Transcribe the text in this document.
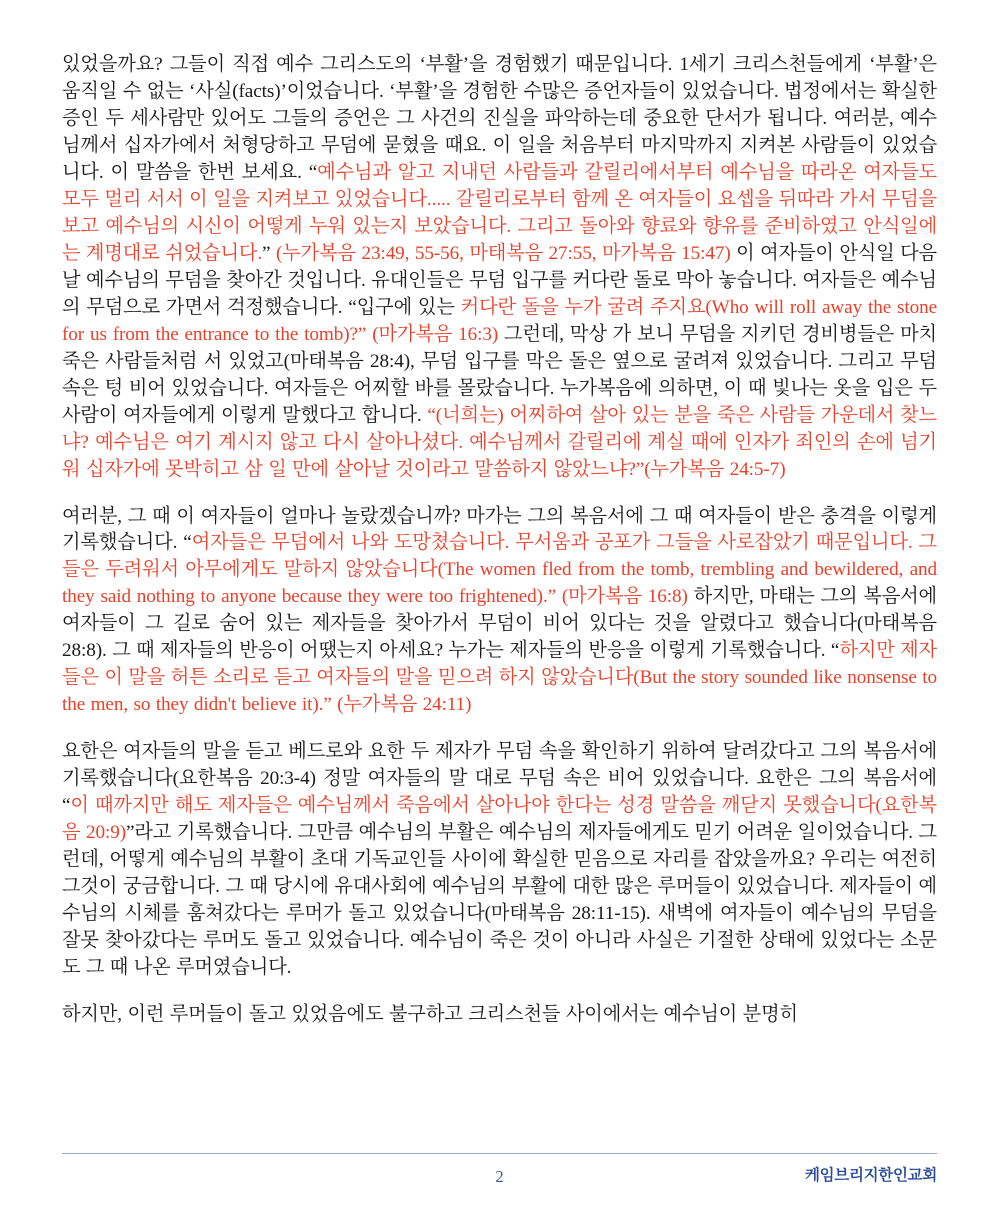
있었을까요? 그들이 직접 예수 그리스도의 ‘부활’을 경험했기 때문입니다. 1세기 크리스천들에게 ‘부활’은 움직일 수 없는 ‘사실(facts)’이었습니다. ‘부활’을 경험한 수많은 증언자들이 있었습니다. 법정에서는 확실한 증인 두 세사람만 있어도 그들의 증언은 그 사건의 진실을 파악하는데 중요한 단서가 됩니다. 여러분, 예수님께서 십자가에서 처형당하고 무덤에 묻혔을 때요. 이 일을 처음부터 마지막까지 지켜본 사람들이 있었습니다. 이 말씀을 한번 보세요. “예수님과 알고 지내던 사람들과 갈릴리에서부터 예수님을 따라온 여자들도 모두 멀리 서서 이 일을 지켜보고 있었습니다..... 갈릴리로부터 함께 온 여자들이 요셉을 뒤따라 가서 무덤을 보고 예수님의 시신이 어떻게 누워 있는지 보았습니다. 그리고 돌아와 향료와 향유를 준비하였고 안식일에는 계명대로 쉬었습니다.” (누가복음 23:49, 55-56, 마태복음 27:55, 마가복음 15:47) 이 여자들이 안식일 다음 날 예수님의 무덤을 찾아간 것입니다. 유대인들은 무덤 입구를 커다란 돌로 막아 놓습니다. 여자들은 예수님의 무덤으로 가면서 걱정했습니다. “입구에 있는 커다란 돌을 누가 굴려 주지요(Who will roll away the stone for us from the entrance to the tomb)?” (마가복음 16:3) 그런데, 막상 가 보니 무덤을 지키던 경비병들은 마치 죽은 사람들처럼 서 있었고(마태복음 28:4), 무덤 입구를 막은 돌은 옆으로 굴려져 있었습니다. 그리고 무덤 속은 텅 비어 있었습니다. 여자들은 어찌할 바를 몰랐습니다. 누가복음에 의하면, 이 때 빛나는 옷을 입은 두 사람이 여자들에게 이렇게 말했다고 합니다. “(너희는) 어찌하여 살아 있는 분을 죽은 사람들 가운데서 찾느냐? 예수님은 여기 계시지 않고 다시 살아나셨다. 예수님께서 갈릴리에 계실 때에 인자가 죄인의 손에 넘기워 십자가에 못박히고 삼 일 만에 살아날 것이라고 말씀하지 않았느냐?”(누가복음 24:5-7)

여러분, 그 때 이 여자들이 얼마나 놀랐겠습니까? 마가는 그의 복음서에 그 때 여자들이 받은 충격을 이렇게 기록했습니다. “여자들은 무덤에서 나와 도망쳤습니다. 무서움과 공포가 그들을 사로잡았기 때문입니다. 그들은 두려워서 아무에게도 말하지 않았습니다(The women fled from the tomb, trembling and bewildered, and they said nothing to anyone because they were too frightened).” (마가복음 16:8) 하지만, 마태는 그의 복음서에 여자들이 그 길로 숨어 있는 제자들을 찾아가서 무덤이 비어 있다는 것을 알렸다고 했습니다(마태복음 28:8). 그 때 제자들의 반응이 어땠는지 아세요? 누가는 제자들의 반응을 이렇게 기록했습니다. “하지만 제자들은 이 말을 허튼 소리로 듣고 여자들의 말을 믿으려 하지 않았습니다(But the story sounded like nonsense to the men, so they didn't believe it).” (누가복음 24:11)

요한은 여자들의 말을 듣고 베드로와 요한 두 제자가 무덤 속을 확인하기 위하여 달려갔다고 그의 복음서에 기록했습니다(요한복음 20:3-4) 정말 여자들의 말 대로 무덤 속은 비어 있었습니다. 요한은 그의 복음서에 “이 때까지만 해도 제자들은 예수님께서 죽음에서 살아나야 한다는 성경 말씀을 깨닫지 못했습니다(요한복음 20:9)”라고 기록했습니다. 그만큼 예수님의 부활은 예수님의 제자들에게도 믿기 어려운 일이었습니다. 그런데, 어떻게 예수님의 부활이 초대 기독교인들 사이에 확실한 믿음으로 자리를 잡았을까요? 우리는 여전히 그것이 궁금합니다. 그 때 당시에 유대사회에 예수님의 부활에 대한 많은 루머들이 있었습니다. 제자들이 예수님의 시체를 훔쳐갔다는 루머가 돌고 있었습니다(마태복음 28:11-15). 새벽에 여자들이 예수님의 무덤을 잘못 찾아갔다는 루머도 돌고 있었습니다. 예수님이 죽은 것이 아니라 사실은 기절한 상태에 있었다는 소문도 그 때 나온 루머였습니다.

하지만, 이런 루머들이 돌고 있었음에도 불구하고 크리스천들 사이에서는 예수님이 분명히

2	케임브리지한인교회
